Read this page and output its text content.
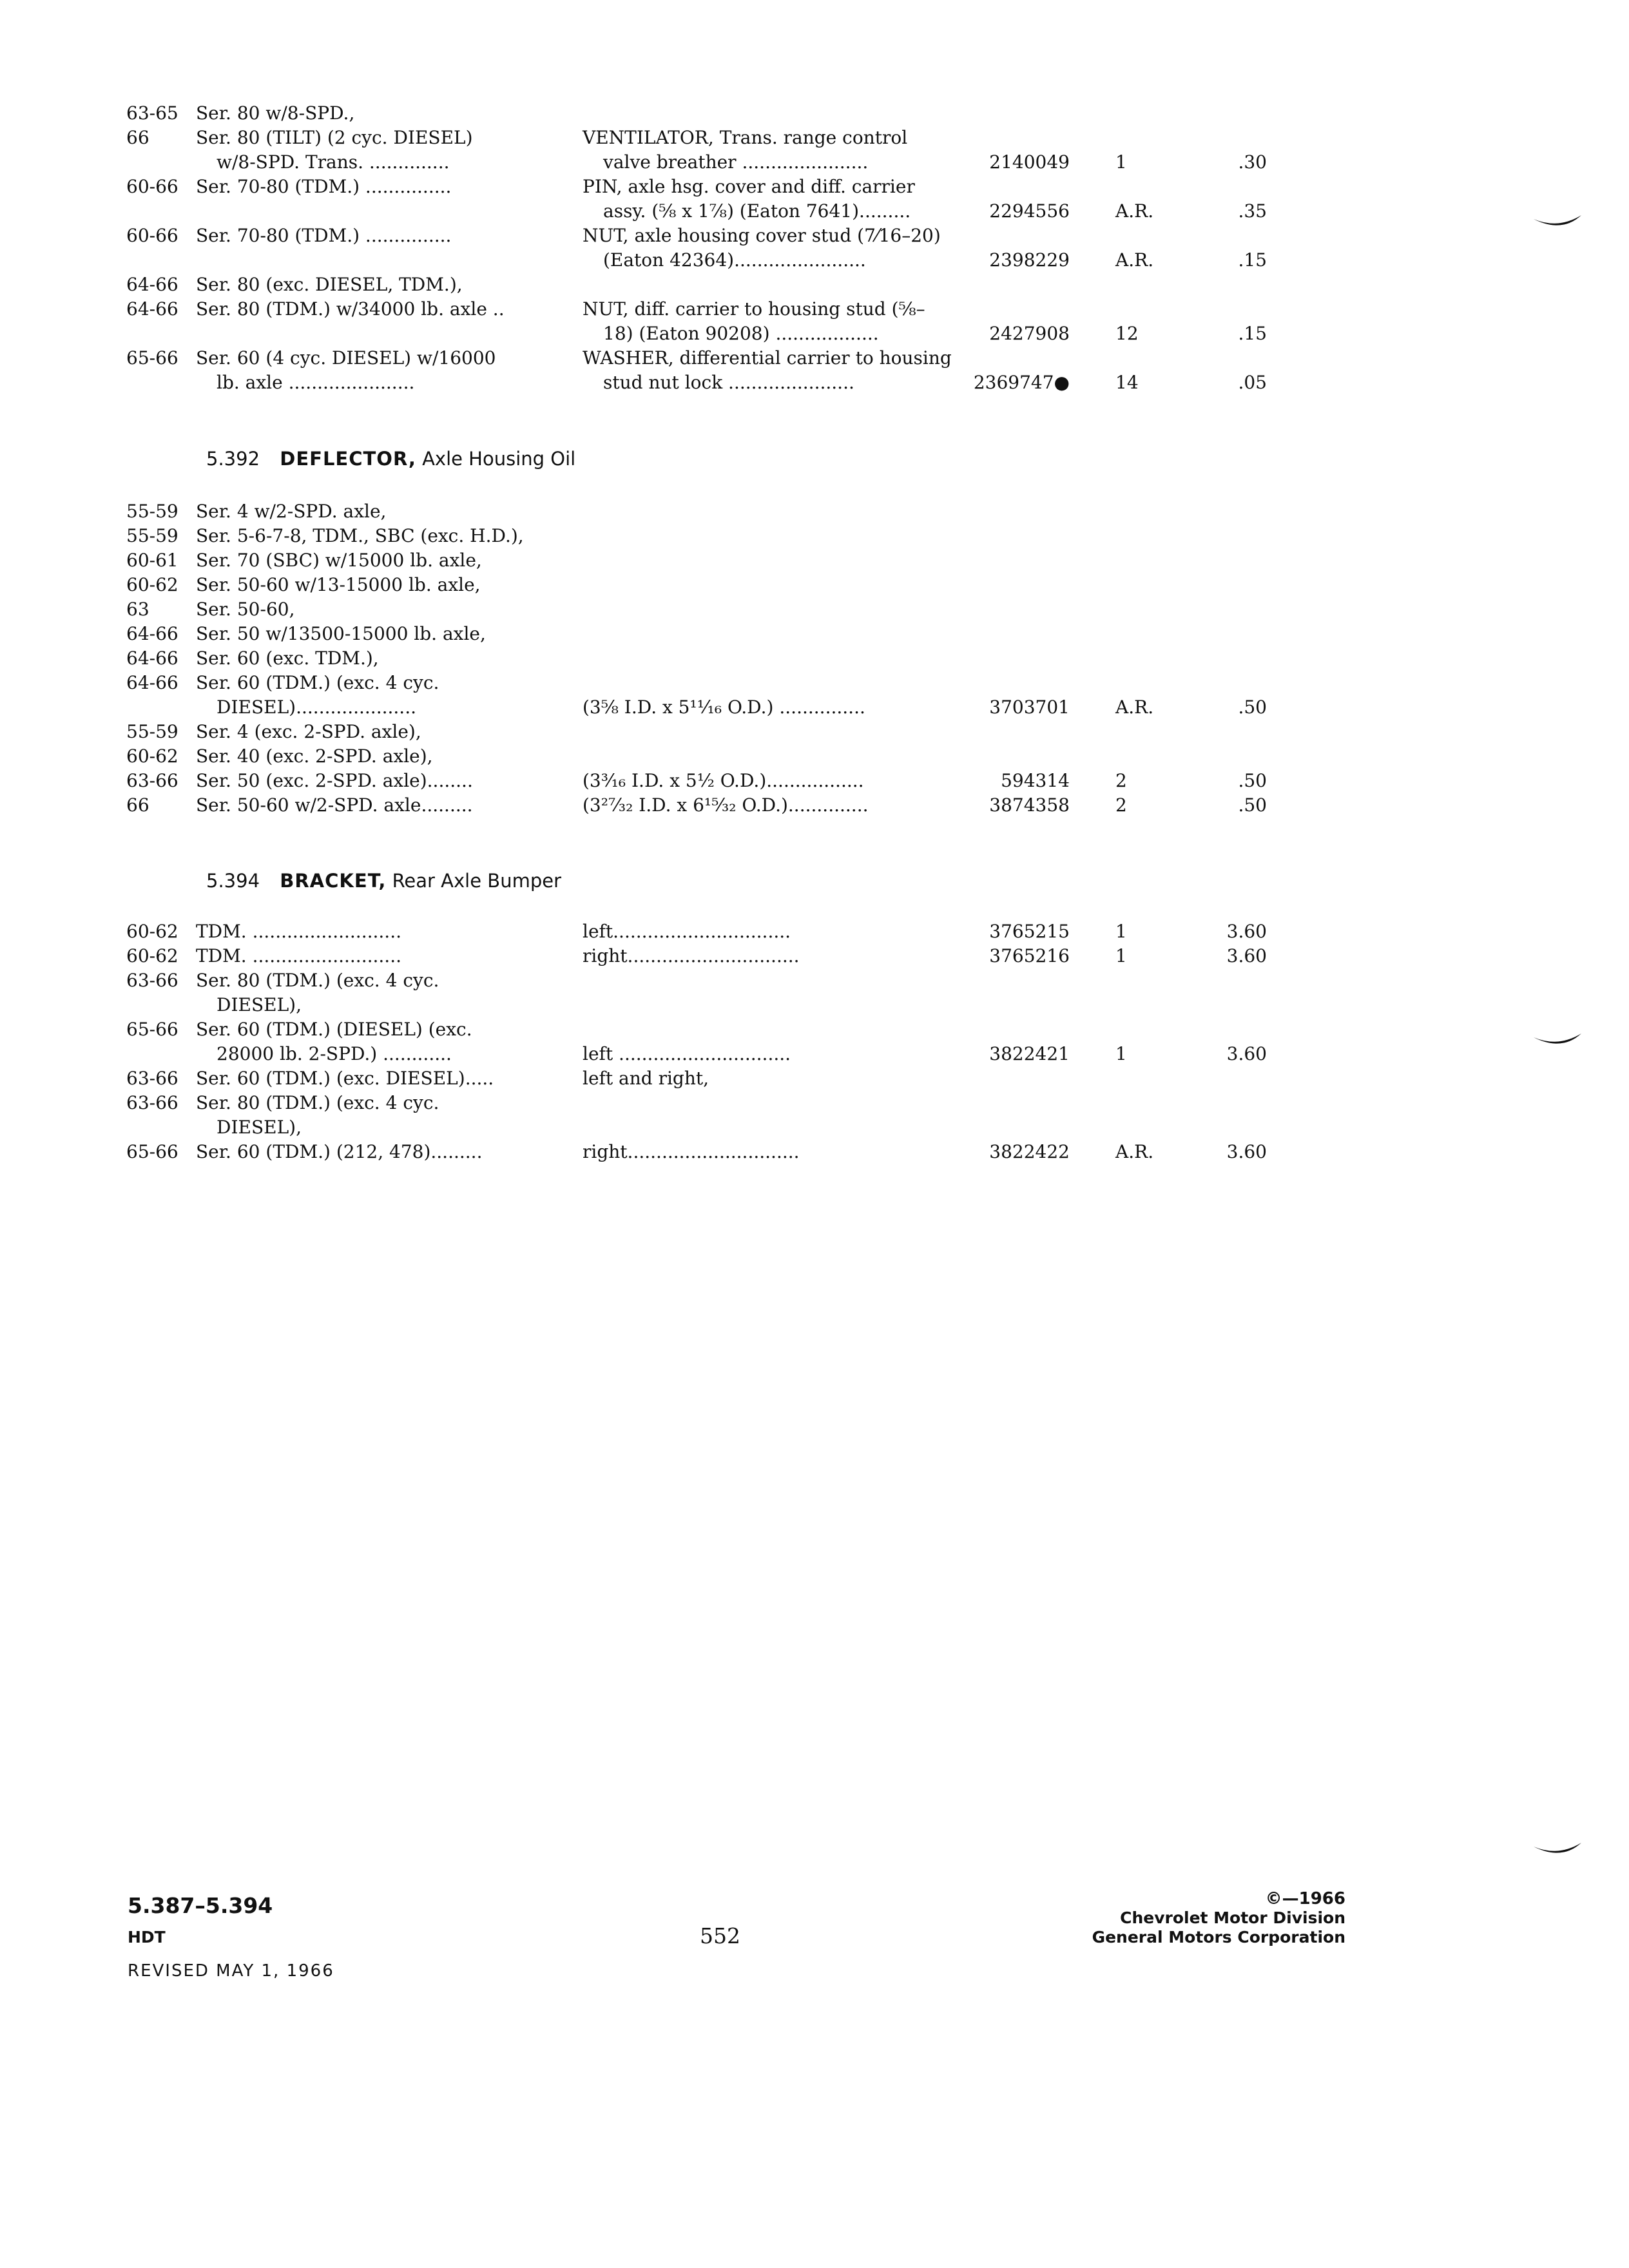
63-65 Ser. 80 w/8-SPD.,
66	Ser. 80 (TILT) (2 cyc. DIESEL)	VENTILATOR, Trans. range control
w/8-SPD. Trans. ..............	valve breather ......................	2140049	1	.30
60-66 Ser. 70-80 (TDM.) ...............	PIN, axle hsg. cover and diff. carrier
assy. (⅝ x 1⅞) (Eaton 7641).........	2294556	A.R.	.35
60-66 Ser. 70-80 (TDM.) ...............	NUT, axle housing cover stud (7⁄16–20)
(Eaton 42364).......................	2398229	A.R.	.15
64-66 Ser. 80 (exc. DIESEL, TDM.),
64-66 Ser. 80 (TDM.) w/34000 lb. axle ..	NUT, diff. carrier to housing stud (⅝–
18) (Eaton 90208) ..................	2427908	12	.15
65-66 Ser. 60 (4 cyc. DIESEL) w/16000	WASHER, differential carrier to housing
lb. axle ......................	stud nut lock ......................	2369747●	14	.05
5.392 DEFLECTOR, Axle Housing Oil
55-59 Ser. 4 w/2-SPD. axle,
55-59 Ser. 5-6-7-8, TDM., SBC (exc. H.D.),
60-61 Ser. 70 (SBC) w/15000 lb. axle,
60-62 Ser. 50-60 w/13-15000 lb. axle,
63	Ser. 50-60,
64-66 Ser. 50 w/13500-15000 lb. axle,
64-66 Ser. 60 (exc. TDM.),
64-66 Ser. 60 (TDM.) (exc. 4 cyc.
DIESEL).....................	(3⅝ I.D. x 5¹¹⁄₁₆ O.D.) ...............	3703701	A.R.	.50
55-59 Ser. 4 (exc. 2-SPD. axle),
60-62 Ser. 40 (exc. 2-SPD. axle),
63-66 Ser. 50 (exc. 2-SPD. axle)........	(3³⁄₁₆ I.D. x 5½ O.D.).................	594314	2	.50
66	Ser. 50-60 w/2-SPD. axle.........	(3²⁷⁄₃₂ I.D. x 6¹⁵⁄₃₂ O.D.)..............	3874358	2	.50
5.394 BRACKET, Rear Axle Bumper
60-62 TDM. ..........................	left...............................	3765215	1	3.60
60-62 TDM. ..........................	right..............................	3765216	1	3.60
63-66 Ser. 80 (TDM.) (exc. 4 cyc.
DIESEL),
65-66 Ser. 60 (TDM.) (DIESEL) (exc.
28000 lb. 2-SPD.) ............	left ..............................	3822421	1	3.60
63-66 Ser. 60 (TDM.) (exc. DIESEL).....	left and right,
63-66 Ser. 80 (TDM.) (exc. 4 cyc.
DIESEL),
65-66 Ser. 60 (TDM.) (212, 478).........	right..............................	3822422	A.R.	3.60
5.387–5.394
HDT
REVISED MAY 1, 1966
552
©—1966
Chevrolet Motor Division
General Motors Corporation
